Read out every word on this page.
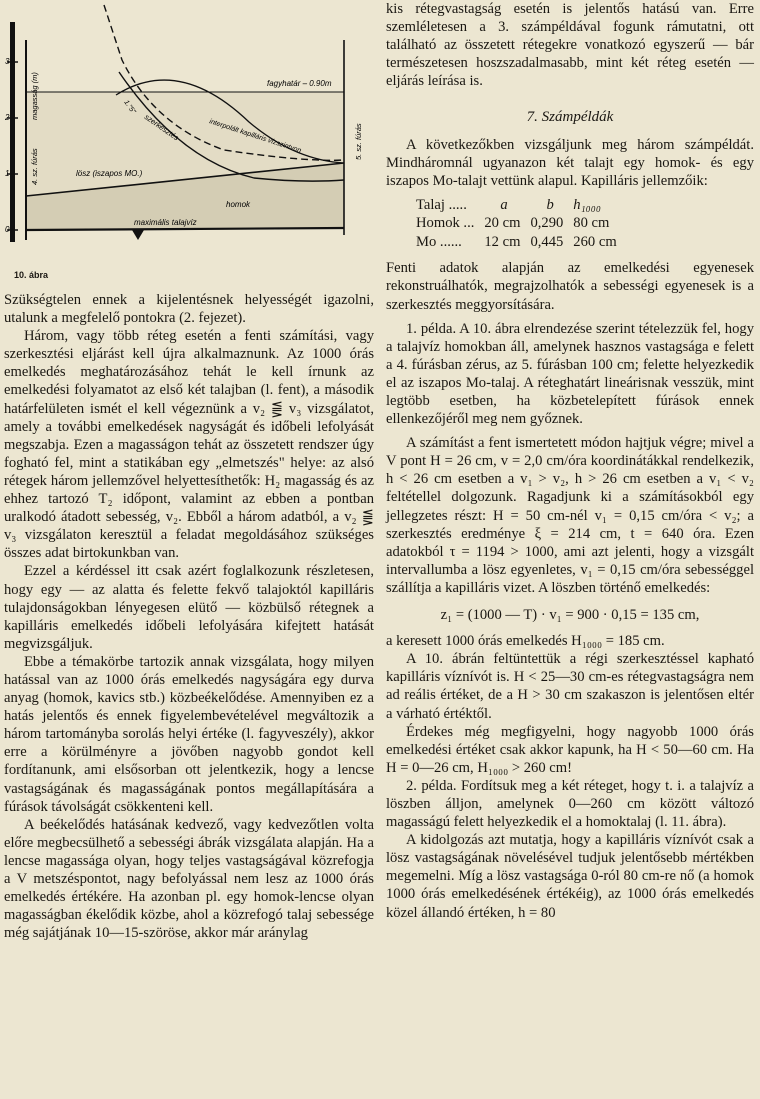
3
2
1
0
magasság (m)
4. sz. fúrás
5. sz. fúrás
fagyhatár – 0.90m
interpolált kapilláris vízszintvon
szerkesztés
1."5"
lösz (iszapos MO.)
homok
maximális talajvíz
10. ábra

Szükségtelen ennek a kijelentésnek helyességét igazolni, utalunk a megfelelő pontokra (2. fejezet).

Három, vagy több réteg esetén a fenti számítási, vagy szerkesztési eljárást kell újra alkalmaznunk. Az 1000 órás emelkedés meghatározásához tehát le kell írnunk az emelkedési folyamatot az első két talajban (l. fent), a második határfelületen ismét el kell végeznünk a v₂ ⪋ v₃ vizsgálatot, amely a további emelkedések nagyságát és időbeli lefolyását megszabja. Ezen a magasságon tehát az összetett rendszer úgy fogható fel, mint a statikában egy „elmetszés" helye: az alsó rétegek három jellemzővel helyettesíthetők: H₂ magasság és az ehhez tartozó T₂ időpont, valamint az ebben a pontban uralkodó átadott sebesség, v₂. Ebből a három adatból, a v₂ ⪋ v₃ vizsgálaton keresztül a feladat megoldásához szükséges összes adat birtokunkban van.

Ezzel a kérdéssel itt csak azért foglalkozunk részletesen, hogy egy — az alatta és felette fekvő talajoktól kapilláris tulajdonságokban lényegesen elütő — közbülső rétegnek a kapilláris emelkedés időbeli lefolyására kifejtett hatását megvizsgáljuk.

Ebbe a témakörbe tartozik annak vizsgálata, hogy milyen hatással van az 1000 órás emelkedés nagyságára egy durva anyag (homok, kavics stb.) közbeékelődése. Amennyiben ez a hatás jelentős és ennek figyelembevételével megváltozik a három tartományba sorolás helyi értéke (l. fagyveszély), akkor erre a körülményre a jövőben nagyobb gondot kell fordítanunk, ami elsősorban ott jelentkezik, hogy a lencse vastagságának és magasságának pontos megállapítására a fúrások távolságát csökkenteni kell.

A beékelődés hatásának kedvező, vagy kedvezőtlen volta előre megbecsülhető a sebességi ábrák vizsgálata alapján. Ha a lencse magassága olyan, hogy teljes vastagságával közrefogja a V metszéspontot, nagy befolyással nem lesz az 1000 órás emelkedés értékére. Ha azonban pl. egy homok-lencse olyan magasságban ékelődik közbe, ahol a közrefogó talaj sebessége még sajátjának 10—15-szöröse, akkor már aránylag

kis rétegvastagság esetén is jelentős hatású van. Erre szemléletesen a 3. számpéldával fogunk rámutatni, ott található az összetett rétegekre vonatkozó egyszerű — bár természetesen hoszszadalmasabb, mint két réteg esetén — eljárás leírása is.

7. Számpéldák

A következőkben vizsgáljunk meg három számpéldát. Mindháromnál ugyanazon két talajt egy homok- és egy iszapos Mo-talajt vettünk alapul. Kapilláris jellemzőik:

Talaj .....	a	b	h₁₀₀₀
Homok ...	20 cm	0,290	80 cm
Mo ......	12 cm	0,445	260 cm

Fenti adatok alapján az emelkedési egyenesek rekonstruálhatók, megrajzolhatók a sebességi egyenesek is a szerkesztés meggyorsítására.

1. példa. A 10. ábra elrendezése szerint tételezzük fel, hogy a talajvíz homokban áll, amelynek hasznos vastagsága e felett a 4. fúrásban zérus, az 5. fúrásban 100 cm; felette helyezkedik el az iszapos Mo-talaj. A réteghatárt lineárisnak vesszük, mint legtöbb esetben, ha közbetelepített fúrások ennek ellenkezőjéről meg nem győznek.

A számítást a fent ismertetett módon hajtjuk végre; mivel a V pont H = 26 cm, v = 2,0 cm/óra koordinátákkal rendelkezik, h < 26 cm esetben a v₁ > v₂, h > 26 cm esetben a v₁ < v₂ feltétellel dolgozunk. Ragadjunk ki a számításokból egy jellegzetes részt: H = 50 cm-nél v₁ = 0,15 cm/óra < v₂; a szerkesztés eredménye ξ = 214 cm, t = 640 óra. Ezen adatokból τ = 1194 > 1000, ami azt jelenti, hogy a vizsgált intervallumba a lösz egyenletes, v₁ = 0,15 cm/óra sebességgel szállítja a kapilláris vizet. A löszben történő emelkedés:

z₁ = (1000 — T) · v₁ = 900 · 0,15 = 135 cm,

a keresett 1000 órás emelkedés H₁₀₀₀ = 185 cm.

A 10. ábrán feltüntettük a régi szerkesztéssel kapható kapilláris víznívót is. H < 25—30 cm-es rétegvastagságra nem ad reális értéket, de a H > 30 cm szakaszon is jelentősen eltér a várható értéktől.

Érdekes még megfigyelni, hogy nagyobb 1000 órás emelkedési értéket csak akkor kapunk, ha H < 50—60 cm. Ha H = 0—26 cm, H₁₀₀₀ > 260 cm!

2. példa. Fordítsuk meg a két réteget, hogy t. i. a talajvíz a löszben álljon, amelynek 0—260 cm között változó magasságú felett helyezkedik el a homoktalaj (l. 11. ábra).

A kidolgozás azt mutatja, hogy a kapilláris víznívót csak a lösz vastagságának növelésével tudjuk jelentősebb mértékben megemelni. Míg a lösz vastagsága 0-ról 80 cm-re nő (a homok 1000 órás emelkedésének értékéig), az 1000 órás emelkedés közel állandó értéken, h = 80
